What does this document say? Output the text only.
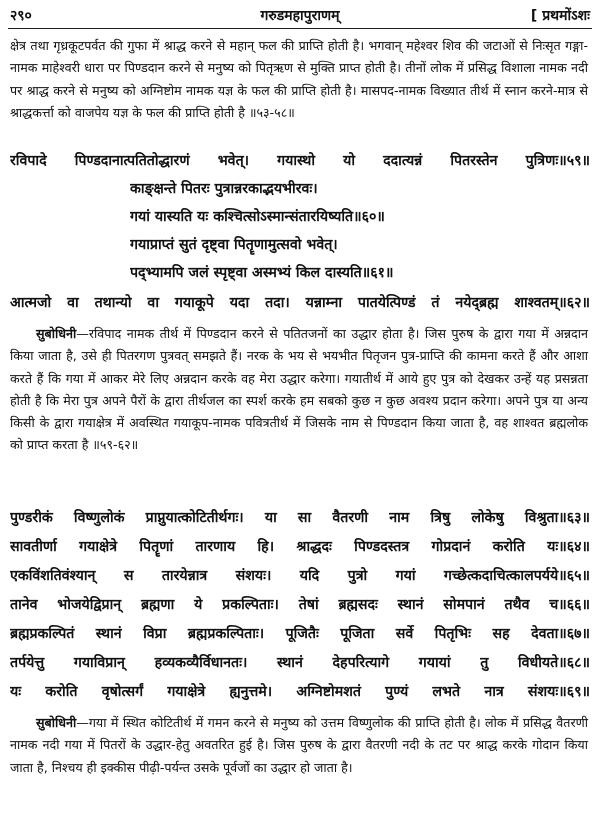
२९०	गरुडमहापुराणम्	[ प्रथमोंऽशः
क्षेत्र तथा गृध्रकूटपर्वत की गुफा में श्राद्ध करने से महान् फल की प्राप्ति होती है। भगवान् महेश्वर शिव की जटाओं से निःसृत गङ्गा-नामक माहेश्वरी धारा पर पिण्डदान करने से मनुष्य को पितृऋण से मुक्ति प्राप्त होती है। तीनों लोक में प्रसिद्ध विशाला नामक नदी पर श्राद्ध करने से मनुष्य को अग्निष्टोम नामक यज्ञ के फल की प्राप्ति होती है। मासपद-नामक विख्यात तीर्थ में स्नान करने-मात्र से श्राद्धकर्त्ता को वाजपेय यज्ञ के फल की प्राप्ति होती है ॥५३-५८॥
रविपादे पिण्डदानात्पतितोद्धारणं भवेत्। गयास्थो यो ददात्यन्नं पितरस्तेन पुत्रिणः॥५९॥
काङ्क्षन्ते पितरः पुत्रान्नरकाद्भयभीरवः।
गयां यास्यति यः कश्चित्सोऽस्मान्संतारयिष्यति॥६०॥
गयाप्राप्तं सुतं दृष्ट्वा पितॄणामुत्सवो भवेत्।
पद्भ्यामपि जलं स्पृष्ट्वा अस्मभ्यं किल दास्यति॥६१॥
आत्मजो वा तथान्यो वा गयाकूपे यदा तदा। यन्नाम्ना पातयेत्पिण्डं तं नयेद्ब्रह्म शाश्वतम्॥६२॥
सुबोधिनी—रविपाद नामक तीर्थ में पिण्डदान करने से पतितजनों का उद्धार होता है। जिस पुरुष के द्वारा गया में अन्नदान किया जाता है, उसे ही पितरगण पुत्रवत् समझते हैं। नरक के भय से भयभीत पितृजन पुत्र-प्राप्ति की कामना करते हैं और आशा करते हैं कि गया में आकर मेरे लिए अन्नदान करके वह मेरा उद्धार करेगा। गयातीर्थ में आये हुए पुत्र को देखकर उन्हें यह प्रसन्नता होती है कि मेरा पुत्र अपने पैरों के द्वारा तीर्थजल का स्पर्श करके हम सबको कुछ न कुछ अवश्य प्रदान करेगा। अपने पुत्र या अन्य किसी के द्वारा गयाक्षेत्र में अवस्थित गयाकूप-नामक पवित्रतीर्थ में जिसके नाम से पिण्डदान किया जाता है, वह शाश्वत ब्रह्मलोक को प्राप्त करता है ॥५९-६२॥
पुण्डरीकं विष्णुलोकं प्राप्नुयात्कोटितीर्थगः। या सा वैतरणी नाम त्रिषु लोकेषु विश्रुता॥६३॥
सावतीर्णा गयाक्षेत्रे पितॄणां तारणाय हि। श्राद्धदः पिण्डदस्तत्र गोप्रदानं करोति यः॥६४॥
एकविंशतिवंश्यान् स तारयेन्नात्र संशयः। यदि पुत्रो गयां गच्छेत्कदाचित्कालपर्यये॥६५॥
तानेव भोजयेद्विप्रान् ब्रह्मणा ये प्रकल्पिताः। तेषां ब्रह्मसदः स्थानं सोमपानं तथैव च॥६६॥
ब्रह्मप्रकल्पितं स्थानं विप्रा ब्रह्मप्रकल्पिताः। पूजितैः पूजिता सर्वे पितृभिः सह देवता॥६७॥
तर्पयेत्तु गयाविप्रान् हव्यकव्यैर्विधानतः। स्थानं देहपरित्यागे गयायां तु विधीयते॥६८॥
यः करोति वृषोत्सर्गं गयाक्षेत्रे ह्यनुत्तमे। अग्निष्टोमशतं पुण्यं लभते नात्र संशयः॥६९॥
सुबोधिनी—गया में स्थित कोटितीर्थ में गमन करने से मनुष्य को उत्तम विष्णुलोक की प्राप्ति होती है। लोक में प्रसिद्ध वैतरणी नामक नदी गया में पितरों के उद्धार-हेतु अवतरित हुई है। जिस पुरुष के द्वारा वैतरणी नदी के तट पर श्राद्ध करके गोदान किया जाता है, निश्चय ही इक्कीस पीढ़ी-पर्यन्त उसके पूर्वजों का उद्धार हो जाता है।
